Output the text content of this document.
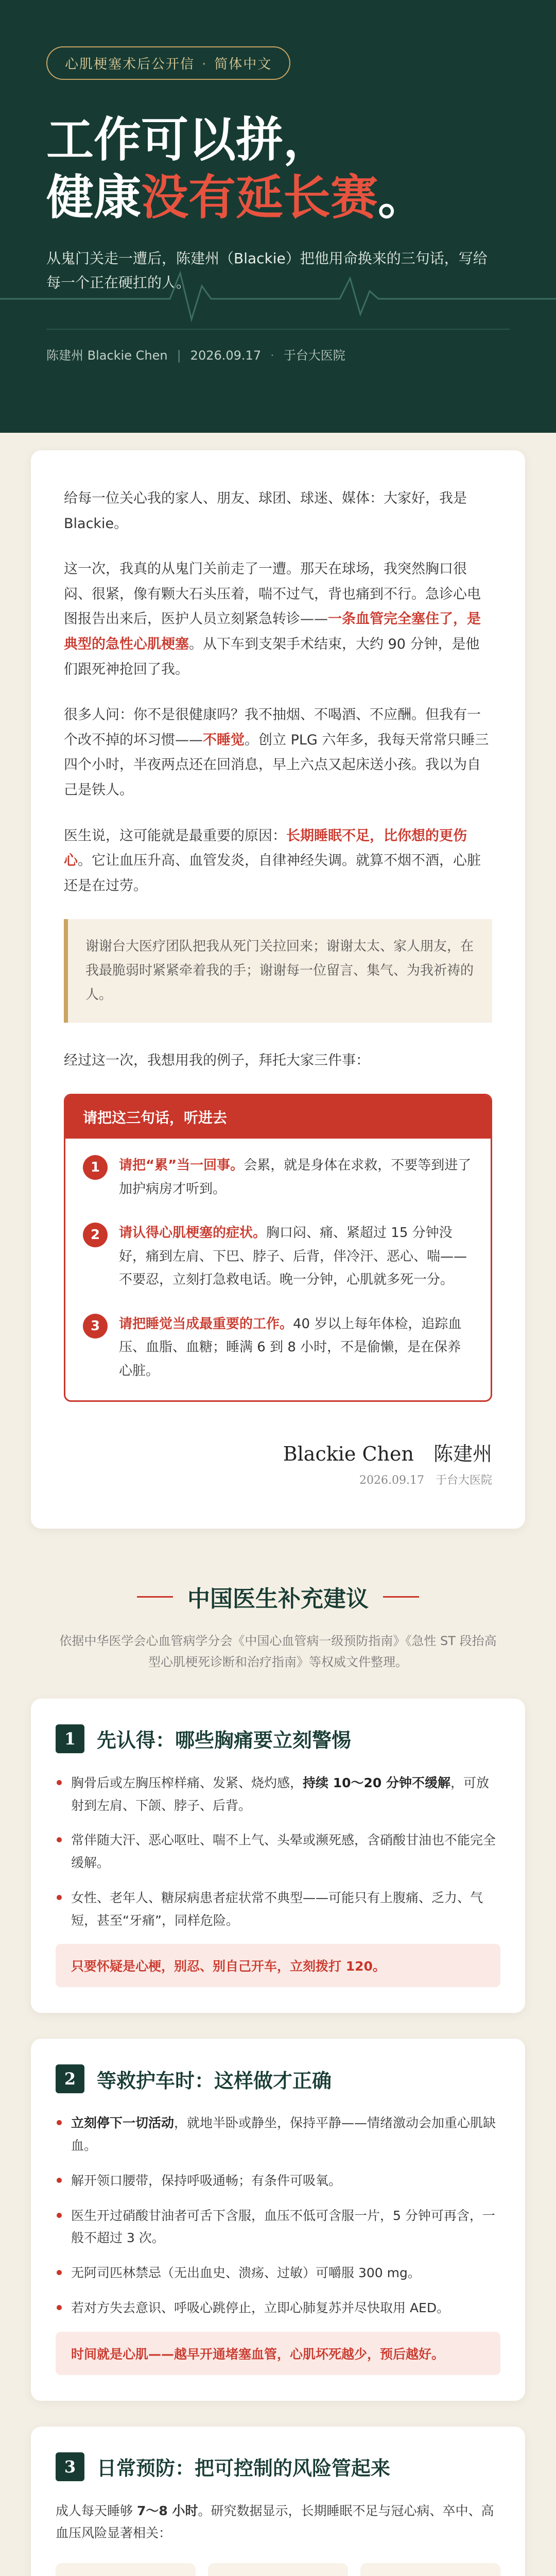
心肌梗塞术后公开信 · 简体中文
工作可以拼，
健康没有延长赛。

从鬼门关走一遭后，陈建州（Blackie）把他用命换来的三句话，写给每一个正在硬扛的人。

陈建州 Blackie Chen | 2026.09.17 · 于台大医院

给每一位关心我的家人、朋友、球团、球迷、媒体：大家好，我是Blackie。

这一次，我真的从鬼门关前走了一遭。那天在球场，我突然胸口很闷、很紧，像有颗大石头压着，喘不过气，背也痛到不行。急诊心电图报告出来后，医护人员立刻紧急转诊——一条血管完全塞住了，是典型的急性心肌梗塞。从下车到支架手术结束，大约 90 分钟，是他们跟死神抢回了我。

很多人问：你不是很健康吗？我不抽烟、不喝酒、不应酬。但我有一个改不掉的坏习惯——不睡觉。创立 PLG 六年多，我每天常常只睡三四个小时，半夜两点还在回消息，早上六点又起床送小孩。我以为自己是铁人。

医生说，这可能就是最重要的原因：长期睡眠不足，比你想的更伤心。它让血压升高、血管发炎，自律神经失调。就算不烟不酒，心脏还是在过劳。

谢谢台大医疗团队把我从死门关拉回来；谢谢太太、家人朋友，在我最脆弱时紧紧牵着我的手；谢谢每一位留言、集气、为我祈祷的人。

经过这一次，我想用我的例子，拜托大家三件事：

请把这三句话，听进去
1	请把“累”当一回事。会累，就是身体在求救，不要等到进了加护病房才听到。
2	请认得心肌梗塞的症状。胸口闷、痛、紧超过 15 分钟没好，痛到左肩、下巴、脖子、后背，伴冷汗、恶心、喘——不要忍，立刻打急救电话。晚一分钟，心肌就多死一分。
3	请把睡觉当成最重要的工作。40 岁以上每年体检，追踪血压、血脂、血糖；睡满 6 到 8 小时，不是偷懒，是在保养心脏。
Blackie Chen　陈建州
2026.09.17　于台大医院
中国医生补充建议

依据中华医学会心血管病学分会《中国心血管病一级预防指南》《急性 ST 段抬高型心肌梗死诊断和治疗指南》等权威文件整理。

1	先认得：哪些胸痛要立刻警惕
胸骨后或左胸压榨样痛、发紧、烧灼感，持续 10～20 分钟不缓解，可放射到左肩、下颌、脖子、后背。
常伴随大汗、恶心呕吐、喘不上气、头晕或濒死感，含硝酸甘油也不能完全缓解。
女性、老年人、糖尿病患者症状常不典型——可能只有上腹痛、乏力、气短，甚至“牙痛”，同样危险。
只要怀疑是心梗，别忍、别自己开车，立刻拨打 120。
2	等救护车时：这样做才正确
立刻停下一切活动，就地半卧或静坐，保持平静——情绪激动会加重心肌缺血。
解开领口腰带，保持呼吸通畅；有条件可吸氧。
医生开过硝酸甘油者可舌下含服，血压不低可含服一片，5 分钟可再含，一般不超过 3 次。
无阿司匹林禁忌（无出血史、溃疡、过敏）可嚼服 300 mg。
若对方失去意识、呼吸心跳停止，立即心肺复苏并尽快取用 AED。
时间就是心肌——越早开通堵塞血管，心肌坏死越少，预后越好。
3	日常预防：把可控制的风险管起来

成人每天睡够 7～8 小时。研究数据显示，长期睡眠不足与冠心病、卒中、高血压风险显著相关：
